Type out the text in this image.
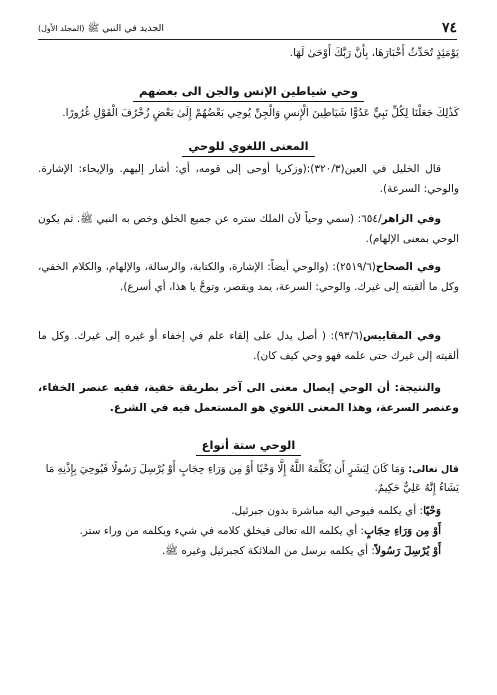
٧٤
الجديد في النبي ﷺ (المجلد الأول)
يَوْمَئِذٍ تُحَدِّثُ أَخْبَارَهَا، بِأَنَّ رَبَّكَ أَوْحَىٰ لَهَا.
وحي شياطين الإنس والجن الى بعضهم
كَذَٰلِكَ جَعَلْنَا لِكُلِّ نَبِيٍّ عَدُوًّا شَيَاطِينَ الْإِنسِ وَالْجِنِّ يُوحِي بَعْضُهُمْ إِلَىٰ بَعْضٍ زُخْرُفَ الْقَوْلِ غُرُورًا.
المعنى اللغوي للوحي
قال الخليل في العين(٣٢٠/٣):(وزكريا أوحى إلى قومه، أي: أشار إليهم. والإيحاء: الإشارة. والوحي: السرعة).
وفي الزاهر/٦٥٤: (سمي وحياً لأن الملك ستره عن جميع الخلق وخص به النبي ﷺ. ثم يكون الوحي بمعنى الإلهام).
وفي الصحاح(٢٥١٩/٦): (والوحي أيضاً: الإشارة، والكتابة، والرسالة، والإلهام، والكلام الخفي، وكل ما ألقيته إلى غيرك. والوحي: السرعة، يمد ويقصر، وتوحَّ يا هذا، أي أسرع).
وفي المقاييس(٩٣/٦): ( أصل يدل على إلقاء علم في إخفاء أو غيره إلى غيرك. وكل ما ألقيته إلى غيرك حتى علمه فهو وحي كيف كان).
والنتيجة: أن الوحي إيصال معنى الى آخر بطريقة خفية، ففيه عنصر الخفاء، وعنصر السرعة، وهذا المعنى اللغوي هو المستعمل فيه في الشرع.
الوحي ستة أنواع
قال تعالى: وَمَا كَانَ لِبَشَرٍ أَن يُكَلِّمَهُ اللَّهُ إِلَّا وَحْيًا أَوْ مِن وَرَاءِ حِجَابٍ أَوْ يُرْسِلَ رَسُولًا فَيُوحِيَ بِإِذْنِهِ مَا يَشَاءُ إِنَّهُ عَلِيٌّ حَكِيمٌ.
وَحْيًا: أي يكلمه فيوحي اليه مباشرة بدون جبرئيل.
أَوْ مِن وَرَاءِ حِجَابٍ: أي يكلمه الله تعالى فيخلق كلامه في شيء ويكلمه من وراء ستر.
أَوْ يُرْسِلَ رَسُولاً: أي يكلمه برسل من الملائكة كجبرئيل وغيره ﷺ.
